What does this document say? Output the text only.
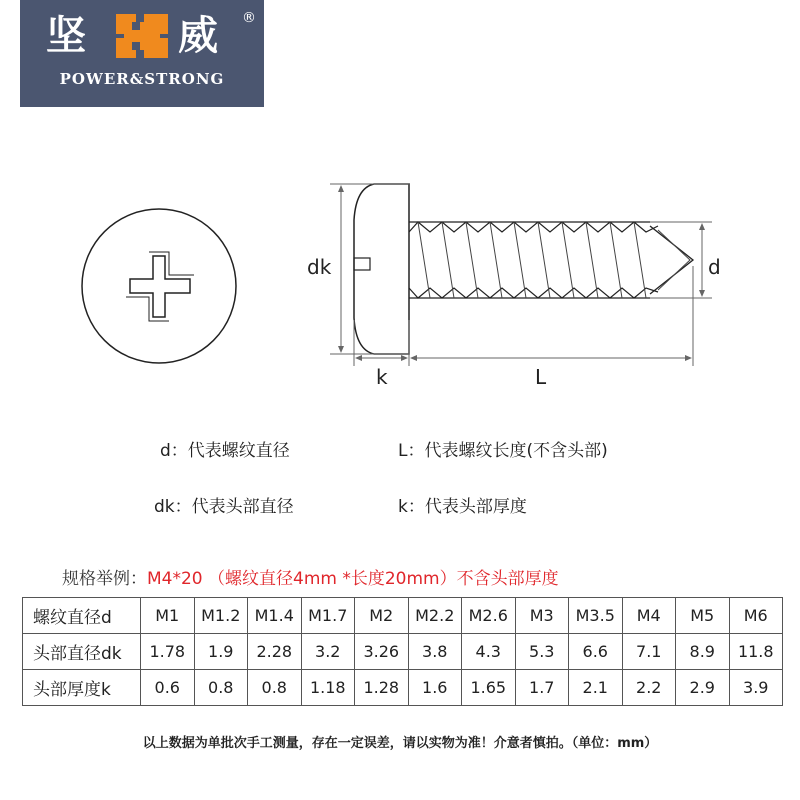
坚 威 ®
POWER&STRONG
dk	d
k	L
d：代表螺纹直径	L：代表螺纹长度(不含头部)
dk：代表头部直径	k：代表头部厚度
规格举例：M4*20 （螺纹直径4mm *长度20mm）不含头部厚度
螺纹直径d	M1	M1.2	M1.4	M1.7	M2	M2.2	M2.6	M3	M3.5	M4	M5	M6
头部直径dk	1.78	1.9	2.28	3.2	3.26	3.8	4.3	5.3	6.6	7.1	8.9	11.8
头部厚度k	0.6	0.8	0.8	1.18	1.28	1.6	1.65	1.7	2.1	2.2	2.9	3.9
以上数据为单批次手工测量，存在一定误差，请以实物为准！介意者慎拍。（单位：mm）
